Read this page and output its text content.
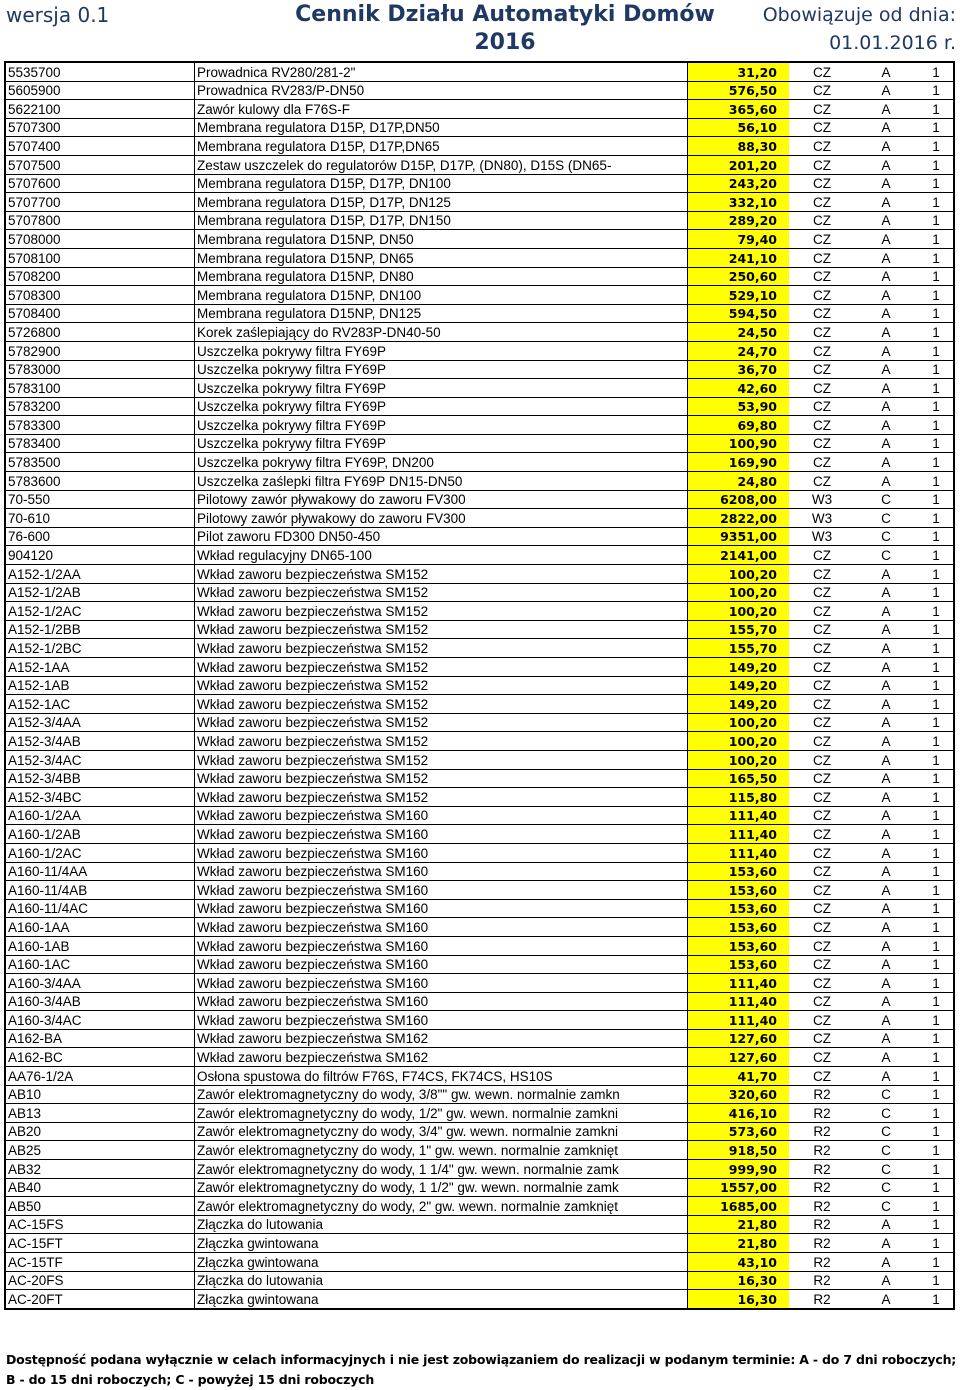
wersja 0.1	Cennik Działu Automatyki Domów
2016
Obowiązuje od dnia:
01.01.2016 r.
5535700	Prowadnica RV280/281-2"	31,20	CZ	A	1
5605900	Prowadnica RV283/P-DN50	576,50	CZ	A	1
5622100	Zawór kulowy dla F76S-F	365,60	CZ	A	1
5707300	Membrana regulatora D15P, D17P,DN50	56,10	CZ	A	1
5707400	Membrana regulatora D15P, D17P,DN65	88,30	CZ	A	1
5707500	Zestaw uszczelek do regulatorów D15P, D17P, (DN80), D15S (DN65-	201,20	CZ	A	1
5707600	Membrana regulatora D15P, D17P, DN100	243,20	CZ	A	1
5707700	Membrana regulatora D15P, D17P, DN125	332,10	CZ	A	1
5707800	Membrana regulatora D15P, D17P, DN150	289,20	CZ	A	1
5708000	Membrana regulatora D15NP, DN50	79,40	CZ	A	1
5708100	Membrana regulatora D15NP, DN65	241,10	CZ	A	1
5708200	Membrana regulatora D15NP, DN80	250,60	CZ	A	1
5708300	Membrana regulatora D15NP, DN100	529,10	CZ	A	1
5708400	Membrana regulatora D15NP, DN125	594,50	CZ	A	1
5726800	Korek zaślepiający do RV283P-DN40-50	24,50	CZ	A	1
5782900	Uszczelka pokrywy filtra FY69P	24,70	CZ	A	1
5783000	Uszczelka pokrywy filtra FY69P	36,70	CZ	A	1
5783100	Uszczelka pokrywy filtra FY69P	42,60	CZ	A	1
5783200	Uszczelka pokrywy filtra FY69P	53,90	CZ	A	1
5783300	Uszczelka pokrywy filtra FY69P	69,80	CZ	A	1
5783400	Uszczelka pokrywy filtra FY69P	100,90	CZ	A	1
5783500	Uszczelka pokrywy filtra FY69P, DN200	169,90	CZ	A	1
5783600	Uszczelka zaślepki filtra FY69P DN15-DN50	24,80	CZ	A	1
70-550	Pilotowy zawór pływakowy do zaworu FV300	6208,00	W3	C	1
70-610	Pilotowy zawór pływakowy do zaworu FV300	2822,00	W3	C	1
76-600	Pilot zaworu FD300 DN50-450	9351,00	W3	C	1
904120	Wkład regulacyjny DN65-100	2141,00	CZ	C	1
A152-1/2AA	Wkład zaworu bezpieczeństwa SM152	100,20	CZ	A	1
A152-1/2AB	Wkład zaworu bezpieczeństwa SM152	100,20	CZ	A	1
A152-1/2AC	Wkład zaworu bezpieczeństwa SM152	100,20	CZ	A	1
A152-1/2BB	Wkład zaworu bezpieczeństwa SM152	155,70	CZ	A	1
A152-1/2BC	Wkład zaworu bezpieczeństwa SM152	155,70	CZ	A	1
A152-1AA	Wkład zaworu bezpieczeństwa SM152	149,20	CZ	A	1
A152-1AB	Wkład zaworu bezpieczeństwa SM152	149,20	CZ	A	1
A152-1AC	Wkład zaworu bezpieczeństwa SM152	149,20	CZ	A	1
A152-3/4AA	Wkład zaworu bezpieczeństwa SM152	100,20	CZ	A	1
A152-3/4AB	Wkład zaworu bezpieczeństwa SM152	100,20	CZ	A	1
A152-3/4AC	Wkład zaworu bezpieczeństwa SM152	100,20	CZ	A	1
A152-3/4BB	Wkład zaworu bezpieczeństwa SM152	165,50	CZ	A	1
A152-3/4BC	Wkład zaworu bezpieczeństwa SM152	115,80	CZ	A	1
A160-1/2AA	Wkład zaworu bezpieczeństwa SM160	111,40	CZ	A	1
A160-1/2AB	Wkład zaworu bezpieczeństwa SM160	111,40	CZ	A	1
A160-1/2AC	Wkład zaworu bezpieczeństwa SM160	111,40	CZ	A	1
A160-11/4AA	Wkład zaworu bezpieczeństwa SM160	153,60	CZ	A	1
A160-11/4AB	Wkład zaworu bezpieczeństwa SM160	153,60	CZ	A	1
A160-11/4AC	Wkład zaworu bezpieczeństwa SM160	153,60	CZ	A	1
A160-1AA	Wkład zaworu bezpieczeństwa SM160	153,60	CZ	A	1
A160-1AB	Wkład zaworu bezpieczeństwa SM160	153,60	CZ	A	1
A160-1AC	Wkład zaworu bezpieczeństwa SM160	153,60	CZ	A	1
A160-3/4AA	Wkład zaworu bezpieczeństwa SM160	111,40	CZ	A	1
A160-3/4AB	Wkład zaworu bezpieczeństwa SM160	111,40	CZ	A	1
A160-3/4AC	Wkład zaworu bezpieczeństwa SM160	111,40	CZ	A	1
A162-BA	Wkład zaworu bezpieczeństwa SM162	127,60	CZ	A	1
A162-BC	Wkład zaworu bezpieczeństwa SM162	127,60	CZ	A	1
AA76-1/2A	Osłona spustowa do filtrów F76S, F74CS, FK74CS, HS10S	41,70	CZ	A	1
AB10	Zawór elektromagnetyczny do wody, 3/8"" gw. wewn. normalnie zamkn	320,60	R2	C	1
AB13	Zawór elektromagnetyczny do wody, 1/2" gw. wewn. normalnie zamkni	416,10	R2	C	1
AB20	Zawór elektromagnetyczny do wody, 3/4" gw. wewn. normalnie zamkni	573,60	R2	C	1
AB25	Zawór elektromagnetyczny do wody, 1" gw. wewn. normalnie zamknięt	918,50	R2	C	1
AB32	Zawór elektromagnetyczny do wody, 1 1/4" gw. wewn. normalnie zamk	999,90	R2	C	1
AB40	Zawór elektromagnetyczny do wody, 1 1/2" gw. wewn. normalnie zamk	1557,00	R2	C	1
AB50	Zawór elektromagnetyczny do wody, 2" gw. wewn. normalnie zamknięt	1685,00	R2	C	1
AC-15FS	Złączka do lutowania	21,80	R2	A	1
AC-15FT	Złączka gwintowana	21,80	R2	A	1
AC-15TF	Złączka gwintowana	43,10	R2	A	1
AC-20FS	Złączka do lutowania	16,30	R2	A	1
AC-20FT	Złączka gwintowana	16,30	R2	A	1
Dostępność podana wyłącznie w celach informacyjnych i nie jest zobowiązaniem do realizacji w podanym terminie: A - do 7 dni roboczych;
B - do 15 dni roboczych; C - powyżej 15 dni roboczych
